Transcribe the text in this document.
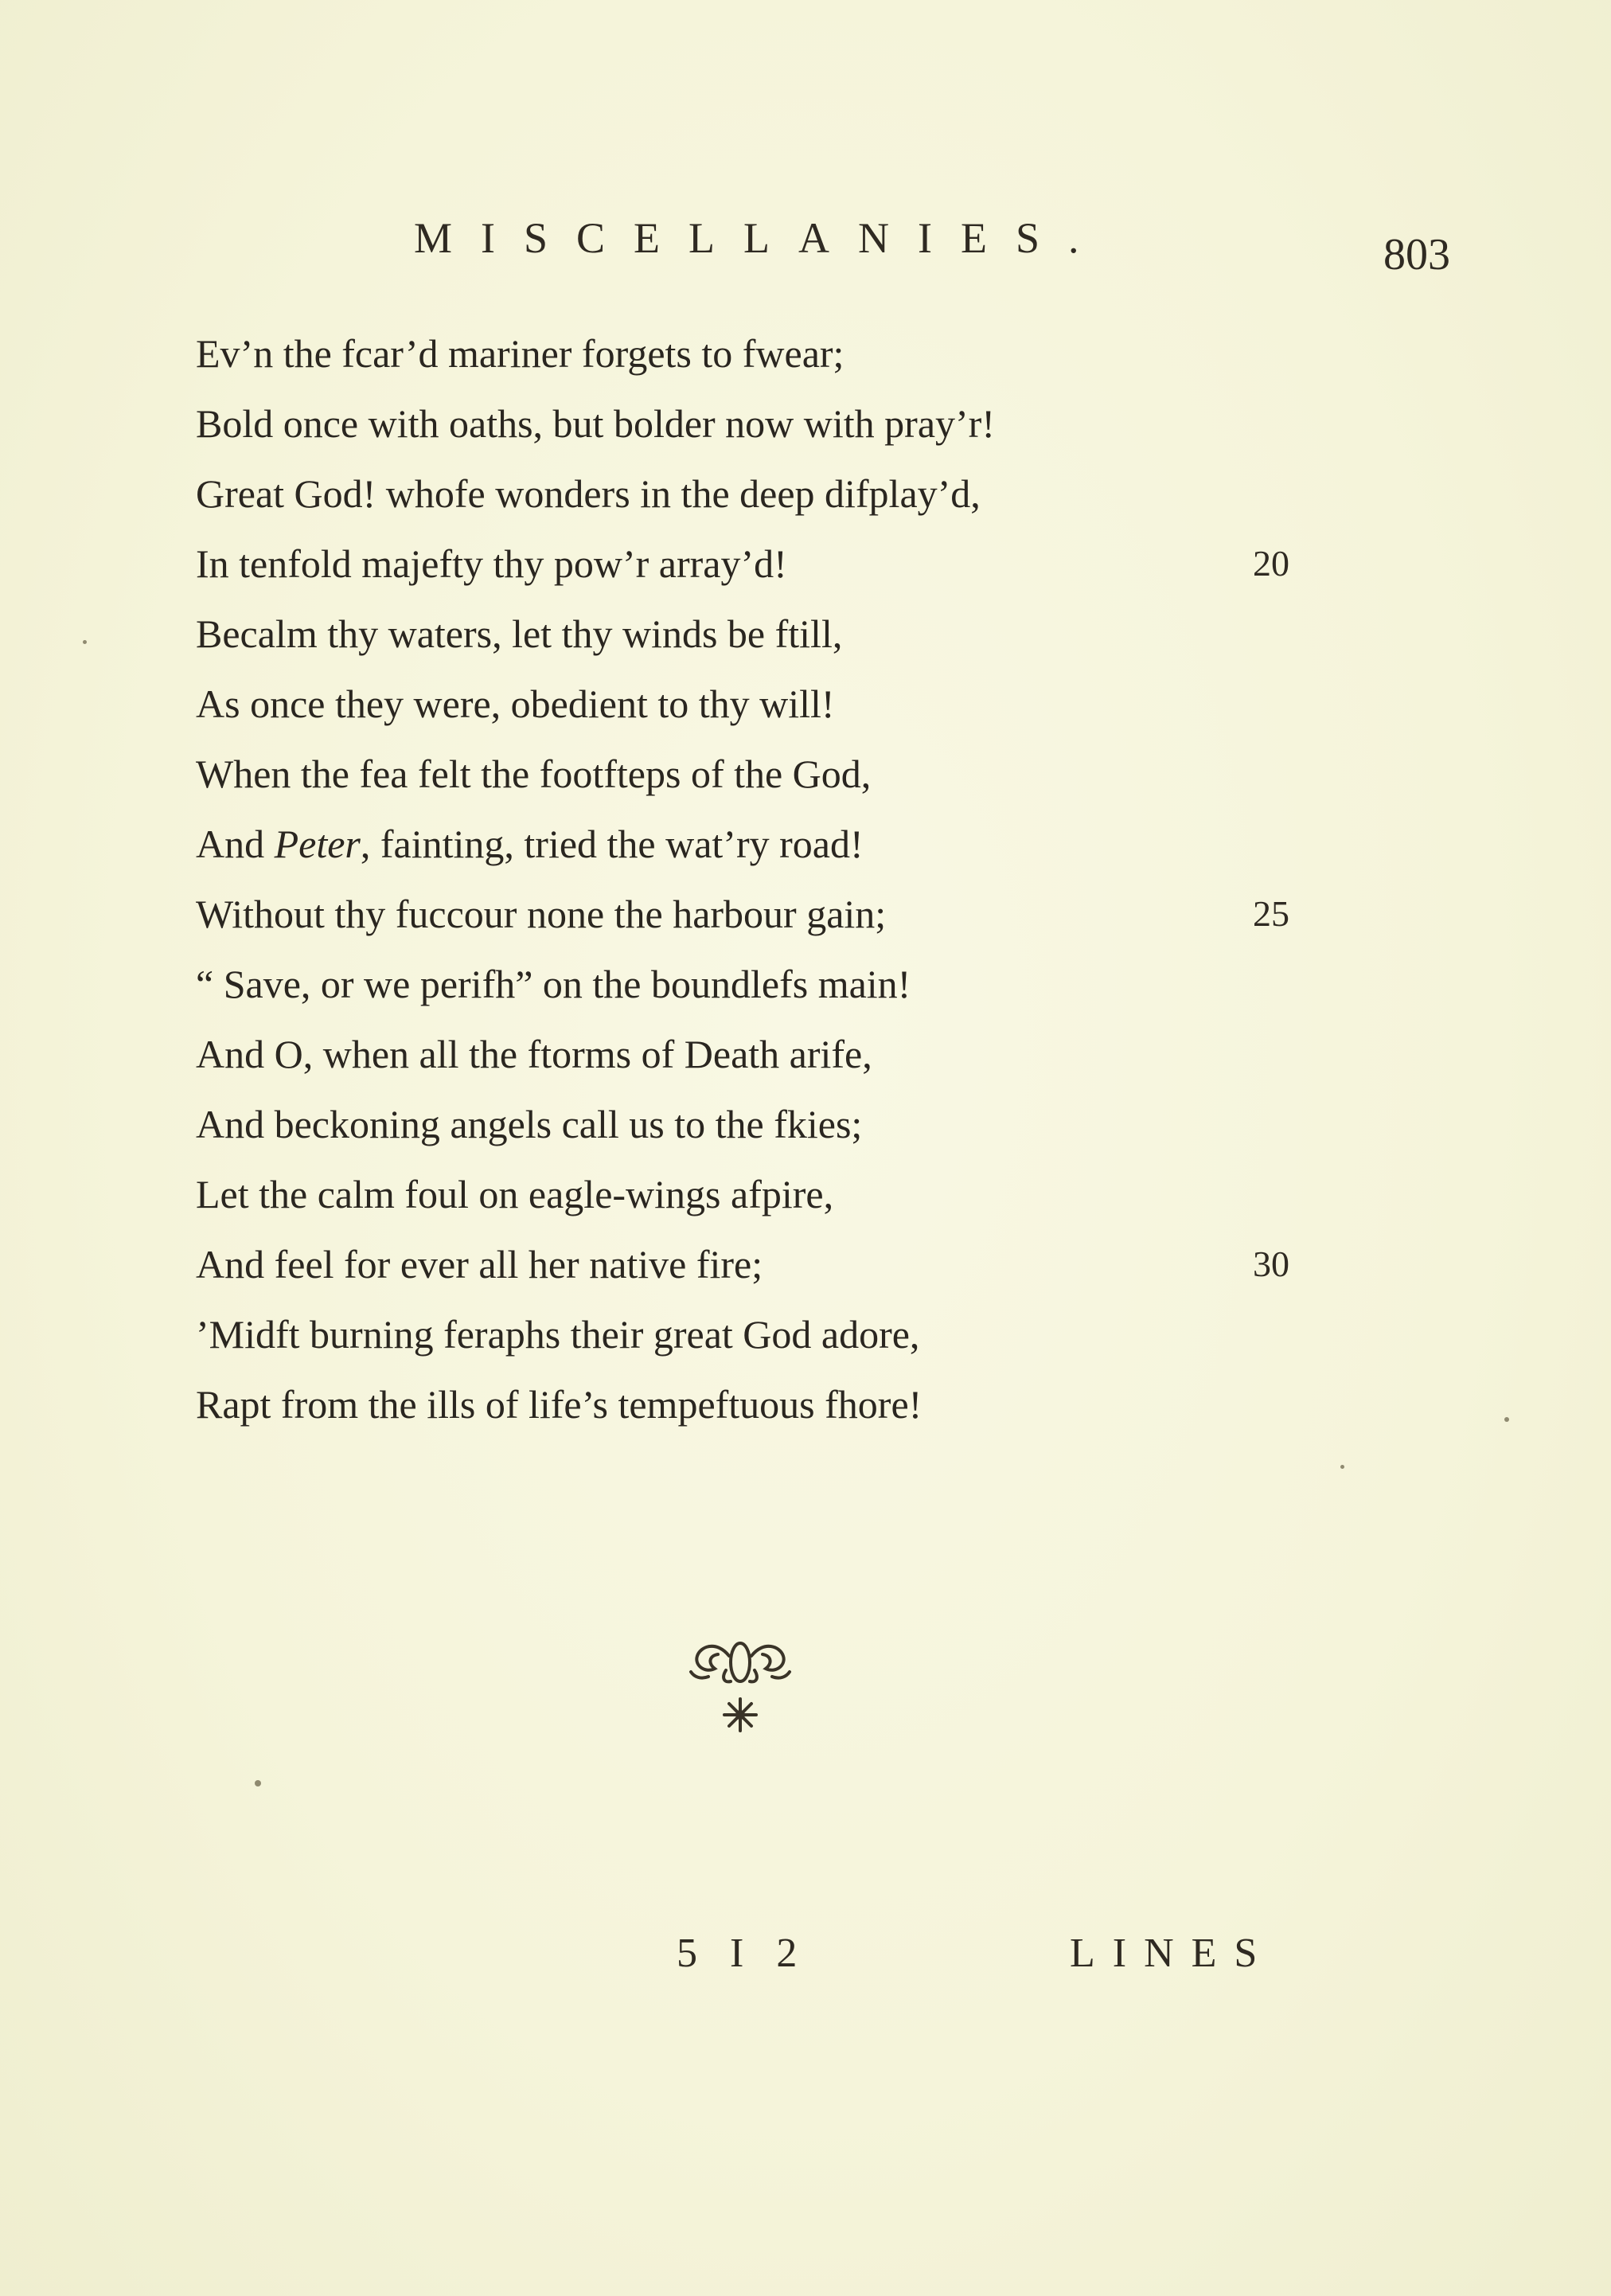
MISCELLANIES.	803
Ev’n the fcar’d mariner forgets to fwear;
Bold once with oaths, but bolder now with pray’r!
Great God! whofe wonders in the deep difplay’d,
In tenfold majefty thy pow’r array’d!	20
Becalm thy waters, let thy winds be ftill,
As once they were, obedient to thy will!
When the fea felt the footfteps of the God,
And Peter, fainting, tried the wat’ry road!
Without thy fuccour none the harbour gain;	25
“ Save, or we perifh” on the boundlefs main!
And O, when all the ftorms of Death arife,
And beckoning angels call us to the fkies;
Let the calm foul on eagle-wings afpire,
And feel for ever all her native fire;	30
’Midft burning feraphs their great God adore,
Rapt from the ills of life’s tempeftuous fhore!
5 I 2	LINES
